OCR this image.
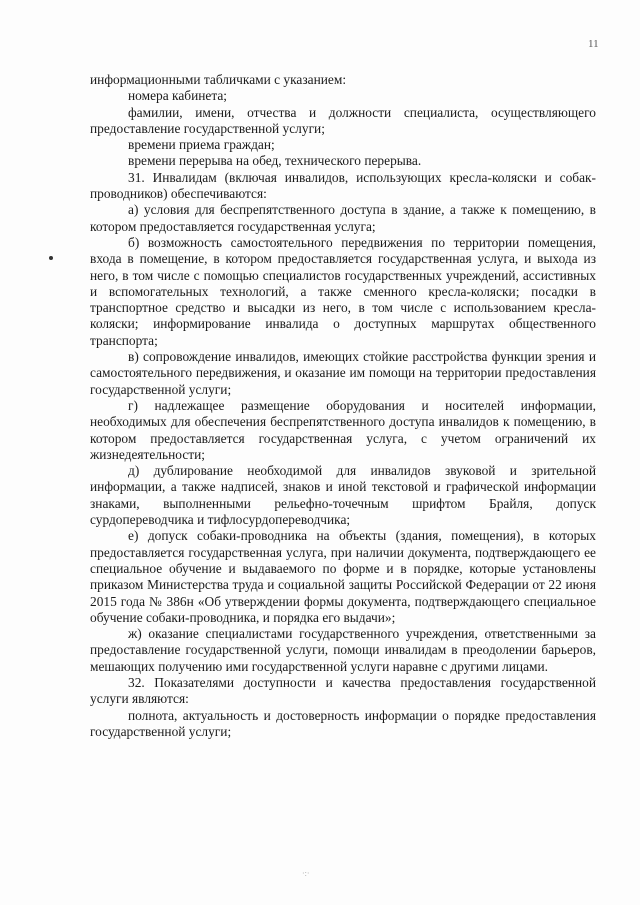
11

информационными табличками с указанием:

номера кабинета;

фамилии, имени, отчества и должности специалиста, осуществляющего предоставление государственной услуги;

времени приема граждан;

времени перерыва на обед, технического перерыва.

31. Инвалидам (включая инвалидов, использующих кресла-коляски и собак-проводников) обеспечиваются:

а) условия для беспрепятственного доступа в здание, а также к помещению, в котором предоставляется государственная услуга;

б) возможность самостоятельного передвижения по территории помещения, входа в помещение, в котором предоставляется государственная услуга, и выхода из него, в том числе с помощью специалистов государственных учреждений, ассистивных и вспомогательных технологий, а также сменного кресла-коляски; посадки в транспортное средство и высадки из него, в том числе с использованием кресла-коляски; информирование инвалида о доступных маршрутах общественного транспорта;

в) сопровождение инвалидов, имеющих стойкие расстройства функции зрения и самостоятельного передвижения, и оказание им помощи на территории предоставления государственной услуги;

г) надлежащее размещение оборудования и носителей информации, необходимых для обеспечения беспрепятственного доступа инвалидов к помещению, в котором предоставляется государственная услуга, с учетом ограничений их жизнедеятельности;

д) дублирование необходимой для инвалидов звуковой и зрительной информации, а также надписей, знаков и иной текстовой и графической информации знаками, выполненными рельефно-точечным шрифтом Брайля, допуск сурдопереводчика и тифлосурдопереводчика;

е) допуск собаки-проводника на объекты (здания, помещения), в которых предоставляется государственная услуга, при наличии документа, подтверждающего ее специальное обучение и выдаваемого по форме и в порядке, которые установлены приказом Министерства труда и социальной защиты Российской Федерации от 22 июня 2015 года № 386н «Об утверждении формы документа, подтверждающего специальное обучение собаки-проводника, и порядка его выдачи»;

ж) оказание специалистами государственного учреждения, ответственными за предоставление государственной услуги, помощи инвалидам в преодолении барьеров, мешающих получению ими государственной услуги наравне с другими лицами.

32. Показателями доступности и качества предоставления государственной услуги являются:

полнота, актуальность и достоверность информации о порядке предоставления государственной услуги;

·:·
